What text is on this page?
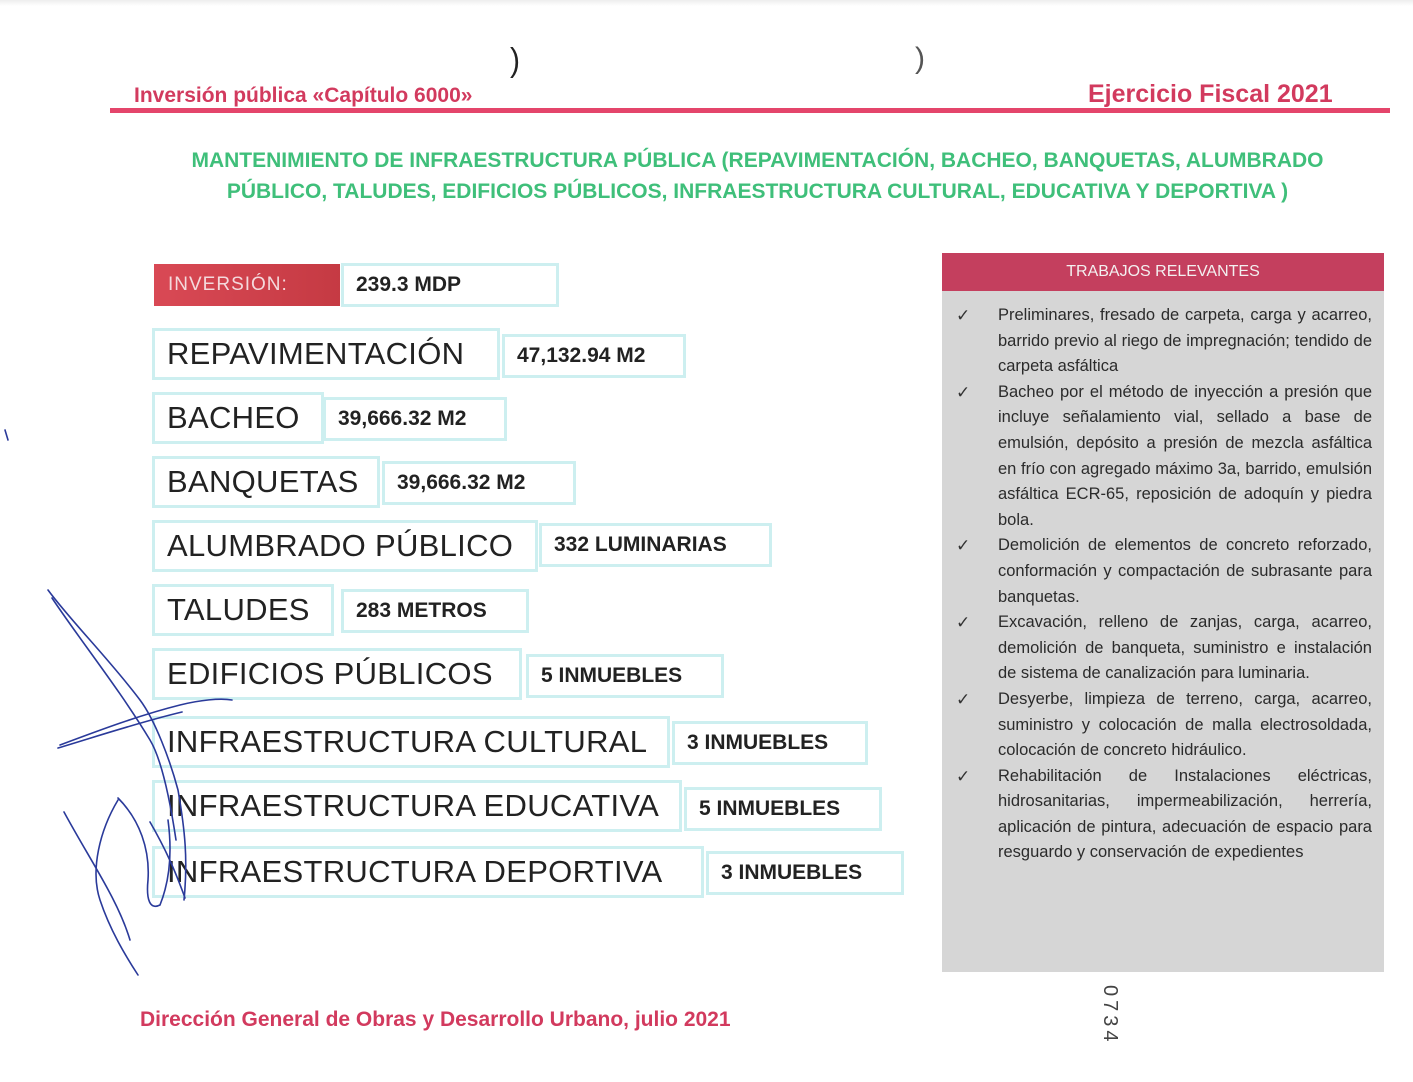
)	)
Inversión pública «Capítulo 6000»	Ejercicio Fiscal 2021
MANTENIMIENTO DE INFRAESTRUCTURA PÚBLICA (REPAVIMENTACIÓN, BACHEO, BANQUETAS, ALUMBRADO PÚBLICO, TALUDES, EDIFICIOS PÚBLICOS, INFRAESTRUCTURA CULTURAL, EDUCATIVA Y DEPORTIVA )
INVERSIÓN:	239.3 MDP
REPAVIMENTACIÓN	47,132.94 M2
BACHEO	39,666.32 M2
BANQUETAS	39,666.32 M2
ALUMBRADO PÚBLICO	332 LUMINARIAS
TALUDES	283 METROS
EDIFICIOS PÚBLICOS	5 INMUEBLES
INFRAESTRUCTURA CULTURAL	3 INMUEBLES
INFRAESTRUCTURA EDUCATIVA	5 INMUEBLES
INFRAESTRUCTURA DEPORTIVA	3 INMUEBLES
TRABAJOS RELEVANTES
✓	Preliminares, fresado de carpeta, carga y acarreo, barrido previo al riego de impregnación; tendido de carpeta asfáltica
✓	Bacheo por el método de inyección a presión que incluye señalamiento vial, sellado a base de emulsión, depósito a presión de mezcla asfáltica en frío con agregado máximo 3a, barrido, emulsión asfáltica ECR-65, reposición de adoquín y piedra bola.
✓	Demolición de elementos de concreto reforzado, conformación y compactación de subrasante para banquetas.
✓	Excavación, relleno de zanjas, carga, acarreo, demolición de banqueta, suministro e instalación de sistema de canalización para luminaria.
✓	Desyerbe, limpieza de terreno, carga, acarreo, suministro y colocación de malla electrosoldada, colocación de concreto hidráulico.
✓	Rehabilitación de Instalaciones eléctricas, hidrosanitarias, impermeabilización, herrería, aplicación de pintura, adecuación de espacio para resguardo y conservación de expedientes
Dirección General de Obras y Desarrollo Urbano, julio 2021	0734
